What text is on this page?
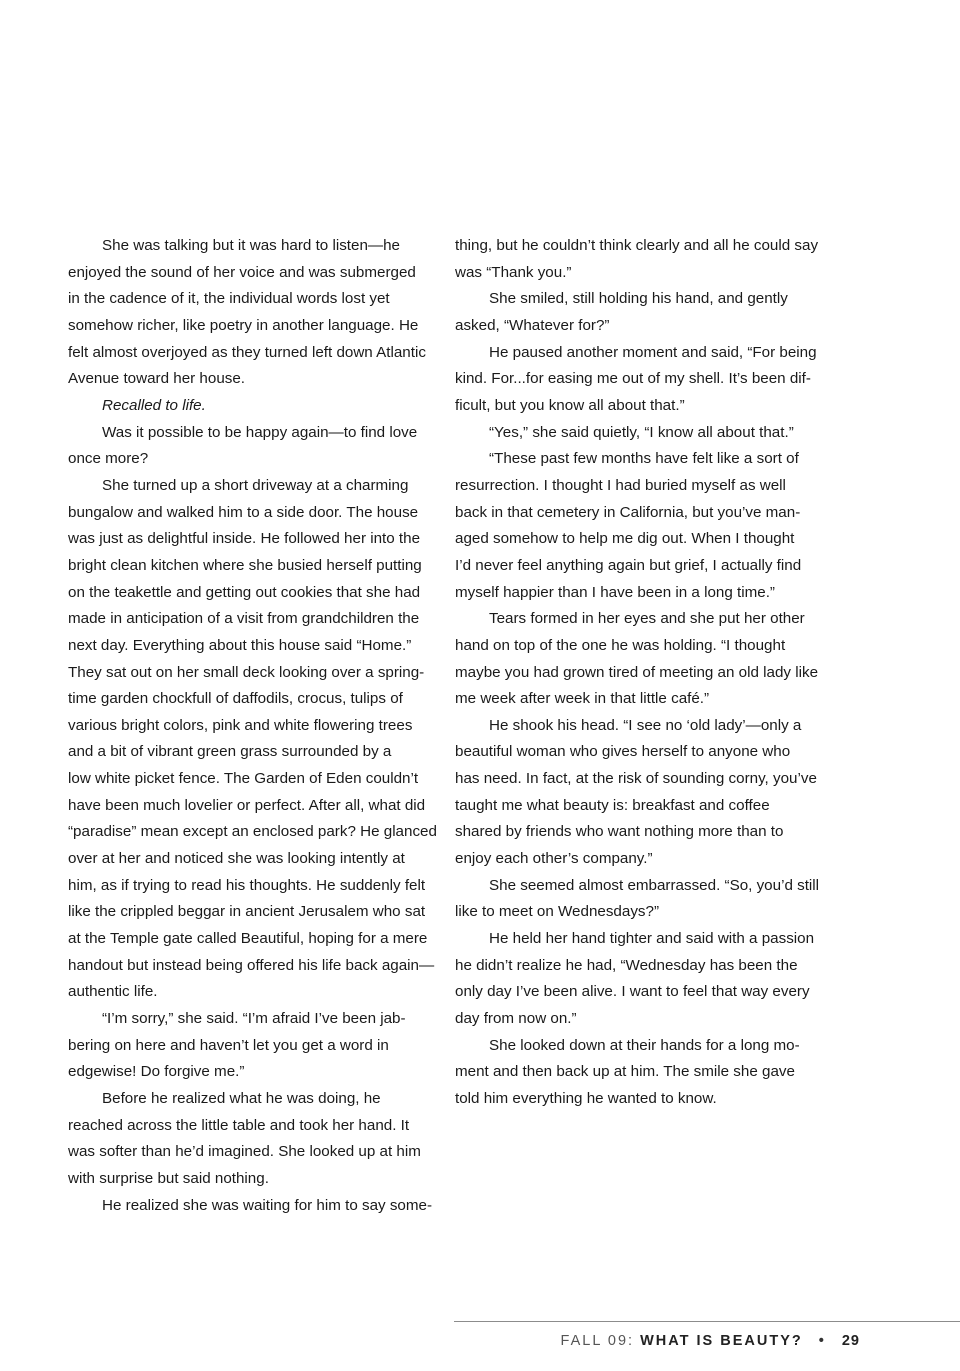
She was talking but it was hard to listen—he

enjoyed the sound of her voice and was submerged

in the cadence of it, the individual words lost yet

somehow richer, like poetry in another language. He

felt almost overjoyed as they turned left down Atlantic

Avenue toward her house.

Recalled to life.

Was it possible to be happy again—to find love

once more?

She turned up a short driveway at a charming

bungalow and walked him to a side door. The house

was just as delightful inside. He followed her into the

bright clean kitchen where she busied herself putting

on the teakettle and getting out cookies that she had

made in anticipation of a visit from grandchildren the

next day. Everything about this house said “Home.”

They sat out on her small deck looking over a spring-

time garden chockfull of daffodils, crocus, tulips of

various bright colors, pink and white flowering trees

and a bit of vibrant green grass surrounded by a

low white picket fence. The Garden of Eden couldn’t

have been much lovelier or perfect. After all, what did

“paradise” mean except an enclosed park? He glanced

over at her and noticed she was looking intently at

him, as if trying to read his thoughts. He suddenly felt

like the crippled beggar in ancient Jerusalem who sat

at the Temple gate called Beautiful, hoping for a mere

handout but instead being offered his life back again—

authentic life.

“I’m sorry,” she said. “I’m afraid I’ve been jab-

bering on here and haven’t let you get a word in

edgewise! Do forgive me.”

Before he realized what he was doing, he

reached across the little table and took her hand. It

was softer than he’d imagined. She looked up at him

with surprise but said nothing.

He realized she was waiting for him to say some-

thing, but he couldn’t think clearly and all he could say

was “Thank you.”

She smiled, still holding his hand, and gently

asked, “Whatever for?”

He paused another moment and said, “For being

kind. For...for easing me out of my shell. It’s been dif-

ficult, but you know all about that.”

“Yes,” she said quietly, “I know all about that.”

“These past few months have felt like a sort of

resurrection. I thought I had buried myself as well

back in that cemetery in California, but you’ve man-

aged somehow to help me dig out. When I thought

I’d never feel anything again but grief, I actually find

myself happier than I have been in a long time.”

Tears formed in her eyes and she put her other

hand on top of the one he was holding. “I thought

maybe you had grown tired of meeting an old lady like

me week after week in that little café.”

He shook his head. “I see no ‘old lady’—only a

beautiful woman who gives herself to anyone who

has need. In fact, at the risk of sounding corny, you’ve

taught me what beauty is: breakfast and coffee

shared by friends who want nothing more than to

enjoy each other’s company.”

She seemed almost embarrassed. “So, you’d still

like to meet on Wednesdays?”

He held her hand tighter and said with a passion

he didn’t realize he had, “Wednesday has been the

only day I’ve been alive. I want to feel that way every

day from now on.”

She looked down at their hands for a long mo-

ment and then back up at him. The smile she gave

told him everything he wanted to know.

FALL 09: WHAT IS BEAUTY? • 29
